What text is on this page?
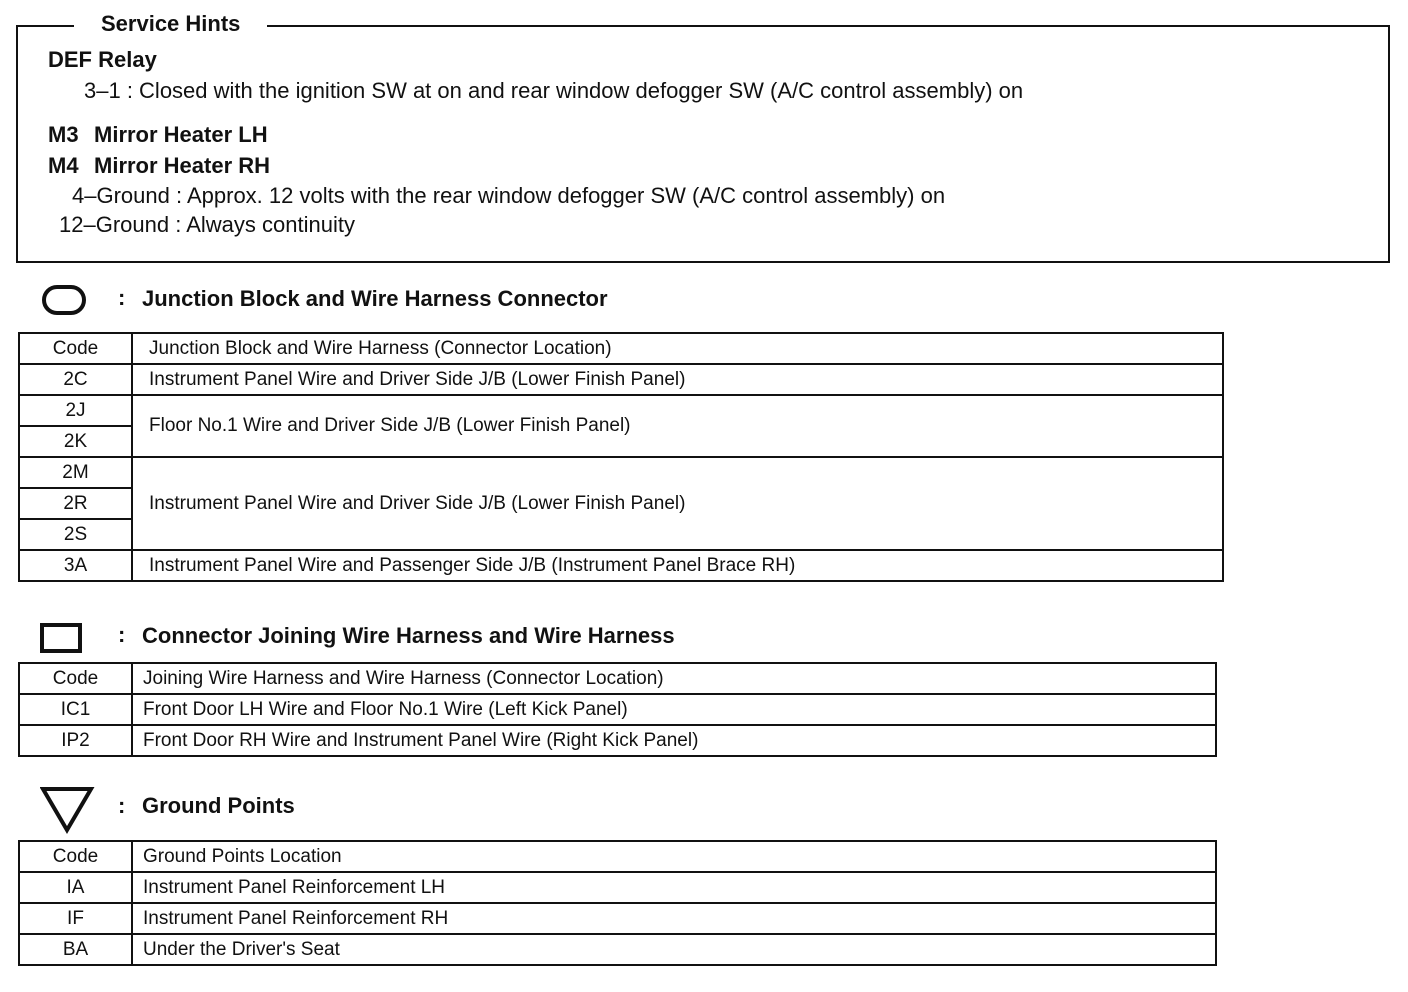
Service Hints
DEF Relay
3–1 : Closed with the ignition SW at on and rear window defogger SW (A/C control assembly) on
M3 Mirror Heater LH
M4 Mirror Heater RH
4–Ground : Approx. 12 volts with the rear window defogger SW (A/C control assembly) on
12–Ground : Always continuity
: Junction Block and Wire Harness Connector
Code	Junction Block and Wire Harness (Connector Location)
2C	Instrument Panel Wire and Driver Side J/B (Lower Finish Panel)
2J	Floor No.1 Wire and Driver Side J/B (Lower Finish Panel)
2K	
2M	Instrument Panel Wire and Driver Side J/B (Lower Finish Panel)
2R	
2S	
3A	Instrument Panel Wire and Passenger Side J/B (Instrument Panel Brace RH)
: Connector Joining Wire Harness and Wire Harness
Code	Joining Wire Harness and Wire Harness (Connector Location)
IC1	Front Door LH Wire and Floor No.1 Wire (Left Kick Panel)
IP2	Front Door RH Wire and Instrument Panel Wire (Right Kick Panel)
: Ground Points
Code	Ground Points Location
IA	Instrument Panel Reinforcement LH
IF	Instrument Panel Reinforcement RH
BA	Under the Driver's Seat
